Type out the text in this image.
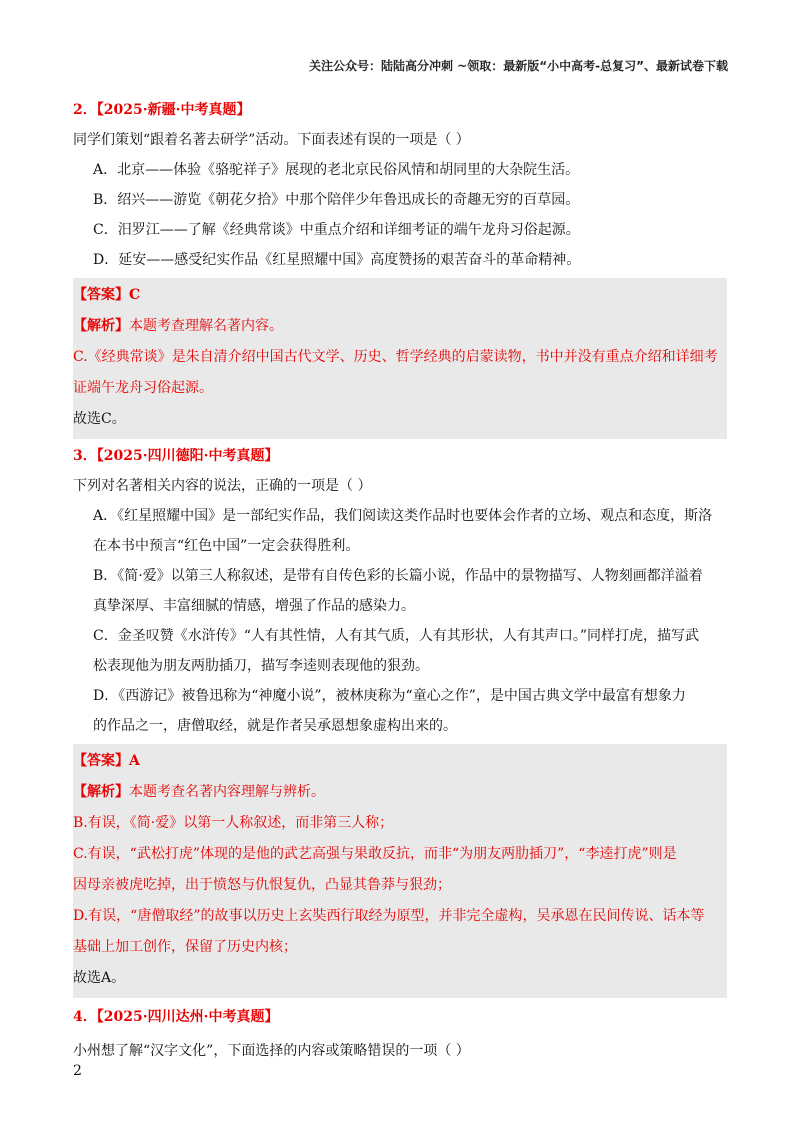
关注公众号：陆陆高分冲刺 ~领取：最新版“小中高考-总复习”、最新试卷下载
2．【2025·新疆·中考真题】
同学们策划“跟着名著去研学”活动。下面表述有误的一项是（ ）
A．北京——体验《骆驼祥子》展现的老北京民俗风情和胡同里的大杂院生活。
B．绍兴——游览《朝花夕拾》中那个陪伴少年鲁迅成长的奇趣无穷的百草园。
C．汨罗江——了解《经典常谈》中重点介绍和详细考证的端午龙舟习俗起源。
D．延安——感受纪实作品《红星照耀中国》高度赞扬的艰苦奋斗的革命精神。
【答案】C
【解析】本题考查理解名著内容。
C.《经典常谈》是朱自清介绍中国古代文学、历史、哲学经典的启蒙读物，书中并没有重点介绍和详细考
证端午龙舟习俗起源。
故选C。
3．【2025·四川德阳·中考真题】
下列对名著相关内容的说法，正确的一项是（ ）
A．《红星照耀中国》是一部纪实作品，我们阅读这类作品时也要体会作者的立场、观点和态度，斯洛
在本书中预言“红色中国”一定会获得胜利。
B．《简·爱》以第三人称叙述，是带有自传色彩的长篇小说，作品中的景物描写、人物刻画都洋溢着
真挚深厚、丰富细腻的情感，增强了作品的感染力。
C．金圣叹赞《水浒传》“人有其性情，人有其气质，人有其形状，人有其声口。”同样打虎，描写武
松表现他为朋友两肋插刀，描写李逵则表现他的狠劲。
D．《西游记》被鲁迅称为“神魔小说”，被林庚称为“童心之作”，是中国古典文学中最富有想象力
的作品之一，唐僧取经，就是作者吴承恩想象虚构出来的。
【答案】A
【解析】本题考查名著内容理解与辨析。
B.有误，《简·爱》以第一人称叙述，而非第三人称；
C.有误，“武松打虎”体现的是他的武艺高强与果敢反抗，而非“为朋友两肋插刀”，“李逵打虎”则是
因母亲被虎吃掉，出于愤怒与仇恨复仇，凸显其鲁莽与狠劲；
D.有误，“唐僧取经”的故事以历史上玄奘西行取经为原型，并非完全虚构，吴承恩在民间传说、话本等
基础上加工创作，保留了历史内核；
故选A。
4．【2025·四川达州·中考真题】
小州想了解“汉字文化”，下面选择的内容或策略· · 错误的一项（ ）
2
